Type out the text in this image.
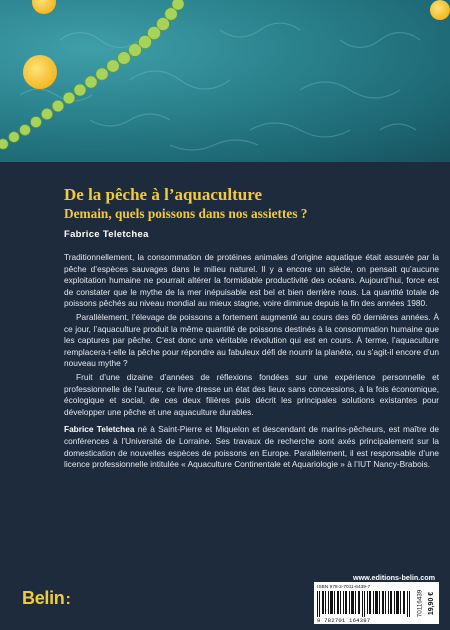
De la pêche à l’aquaculture
Demain, quels poissons dans nos assiettes ?
Fabrice Teletchea

Traditionnellement, la consommation de protéines animales d’origine aquatique était assurée par la pêche d’espèces sauvages dans le milieu naturel. Il y a encore un siècle, on pensait qu’aucune exploitation humaine ne pourrait altérer la formidable productivité des océans. Aujourd’hui, force est de constater que le mythe de la mer inépuisable est bel et bien derrière nous. La quantité totale de poissons pêchés au niveau mondial au mieux stagne, voire diminue depuis la fin des années 1980.

Parallèlement, l’élevage de poissons a fortement augmenté au cours des 60 dernières années. À ce jour, l’aquaculture produit la même quantité de poissons destinés à la consommation humaine que les captures par pêche. C’est donc une véritable révolution qui est en cours. À terme, l’aquaculture remplacera-t-elle la pêche pour répondre au fabuleux défi de nourrir la planète, ou s’agit-il encore d’un nouveau mythe ?

Fruit d’une dizaine d’années de réflexions fondées sur une expérience personnelle et professionnelle de l’auteur, ce livre dresse un état des lieux sans concessions, à la fois économique, écologique et social, de ces deux filières puis décrit les principales solutions existantes pour développer une pêche et une aquaculture durables.

Fabrice Teletchea né à Saint-Pierre et Miquelon et descendant de marins-pêcheurs, est maître de conférences à l’Université de Lorraine. Ses travaux de recherche sont axés principalement sur la domestication de nouvelles espèces de poissons en Europe. Parallèlement, il est responsable d’une licence professionnelle intitulée « Aquaculture Continentale et Aquariologie » à l’IUT Nancy-Brabois.

Belin:
www.editions-belin.com
ISBN 978-2-7011-6439-7
9 782701 164397
70116439 19,90 €
